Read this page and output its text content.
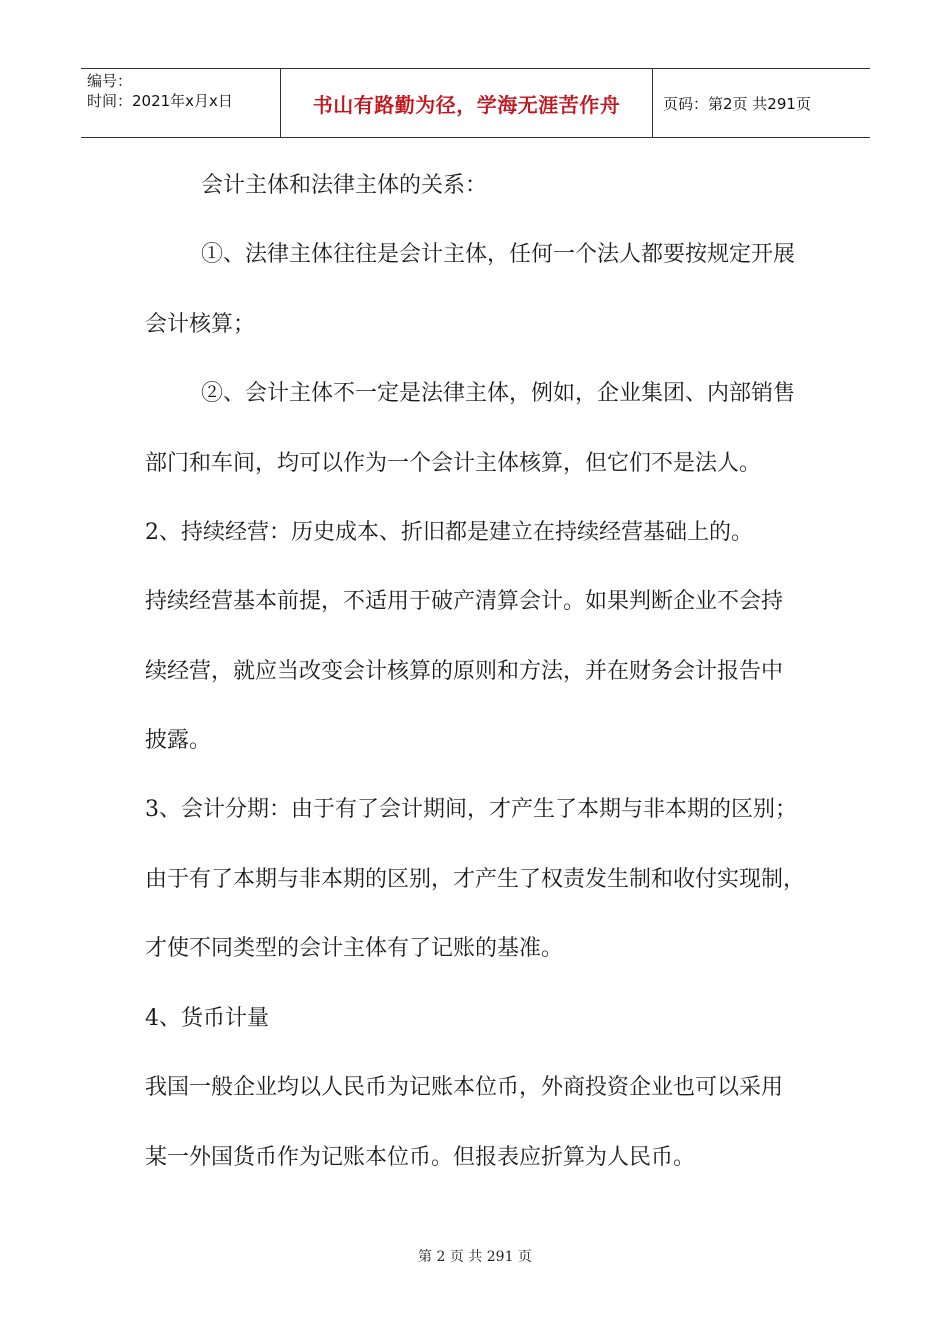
编号：
时间：2021年x月x日	书山有路勤为径，学海无涯苦作舟	页码：第2页 共291页
会计主体和法律主体的关系：
①、法律主体往往是会计主体，任何一个法人都要按规定开展
会计核算；
②、会计主体不一定是法律主体，例如，企业集团、内部销售
部门和车间，均可以作为一个会计主体核算，但它们不是法人。
2、持续经营：历史成本、折旧都是建立在持续经营基础上的。
持续经营基本前提，不适用于破产清算会计。如果判断企业不会持
续经营，就应当改变会计核算的原则和方法，并在财务会计报告中
披露。
3、会计分期：由于有了会计期间，才产生了本期与非本期的区别；
由于有了本期与非本期的区别，才产生了权责发生制和收付实现制，
才使不同类型的会计主体有了记账的基准。
4、货币计量
我国一般企业均以人民币为记账本位币，外商投资企业也可以采用
某一外国货币作为记账本位币。但报表应折算为人民币。
第 2 页 共 291 页
